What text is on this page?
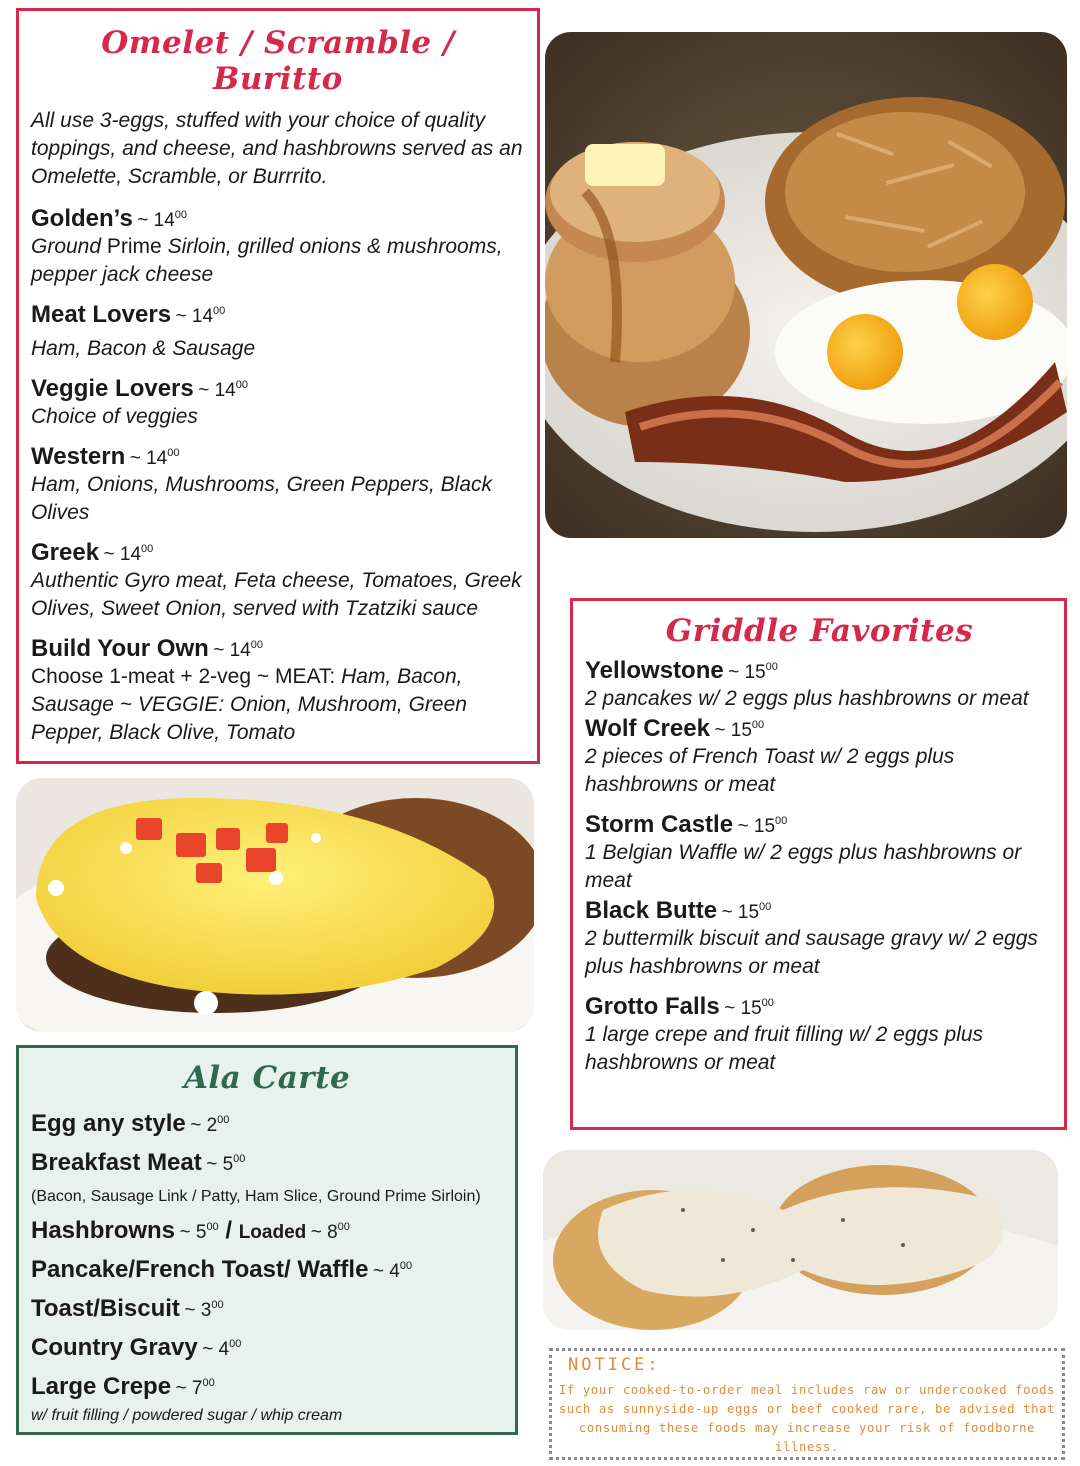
Omelet / Scramble / Buritto

All use 3-eggs, stuffed with your choice of quality toppings, and cheese, and hashbrowns served as an Omelette, Scramble, or Burrrito.

Golden’s ~ $14^{00}$

Ground Prime Sirloin, grilled onions & mushrooms, pepper jack cheese

Meat Lovers ~ $14^{00}$

Ham, Bacon & Sausage

Veggie Lovers ~ $14^{00}$

Choice of veggies

Western ~ $14^{00}$

Ham, Onions, Mushrooms, Green Peppers, Black Olives

Greek ~ $14^{00}$

Authentic Gyro meat, Feta cheese, Tomatoes, Greek Olives, Sweet Onion, served with Tzatziki sauce

Build Your Own ~ $14^{00}$

Choose 1-meat + 2-veg ~ MEAT: Ham, Bacon, Sausage ~ VEGGIE: Onion, Mushroom, Green Pepper, Black Olive, Tomato

Griddle Favorites
Yellowstone ~ $15^{00}$

2 pancakes w/ 2 eggs plus hashbrowns or meat

Wolf Creek ~ $15^{00}$

2 pieces of French Toast w/ 2 eggs plus hashbrowns or meat

Storm Castle ~ $15^{00}$

1 Belgian Waffle w/ 2 eggs plus hashbrowns or meat

Black Butte ~ $15^{00}$

2 buttermilk biscuit and sausage gravy w/ 2 eggs plus hashbrowns or meat

Grotto Falls ~ $15^{00}$

1 large crepe and fruit filling w/ 2 eggs plus hashbrowns or meat

Ala Carte
Egg any style ~ $2^{00}$
Breakfast Meat ~ $5^{00}$

(Bacon, Sausage Link / Patty, Ham Slice, Ground Prime Sirloin)

Hashbrowns ~ $5^{00}$ / Loaded ~ $8^{00}$
Pancake/French Toast/ Waffle ~ $4^{00}$
Toast/Biscuit ~ $3^{00}$
Country Gravy ~ $4^{00}$
Large Crepe ~ $7^{00}$

w/ fruit filling / powdered sugar / whip cream

NOTICE:

If your cooked-to-order meal includes raw or undercooked foods such as sunnyside-up eggs or beef cooked rare, be advised that consuming these foods may increase your risk of foodborne illness.
